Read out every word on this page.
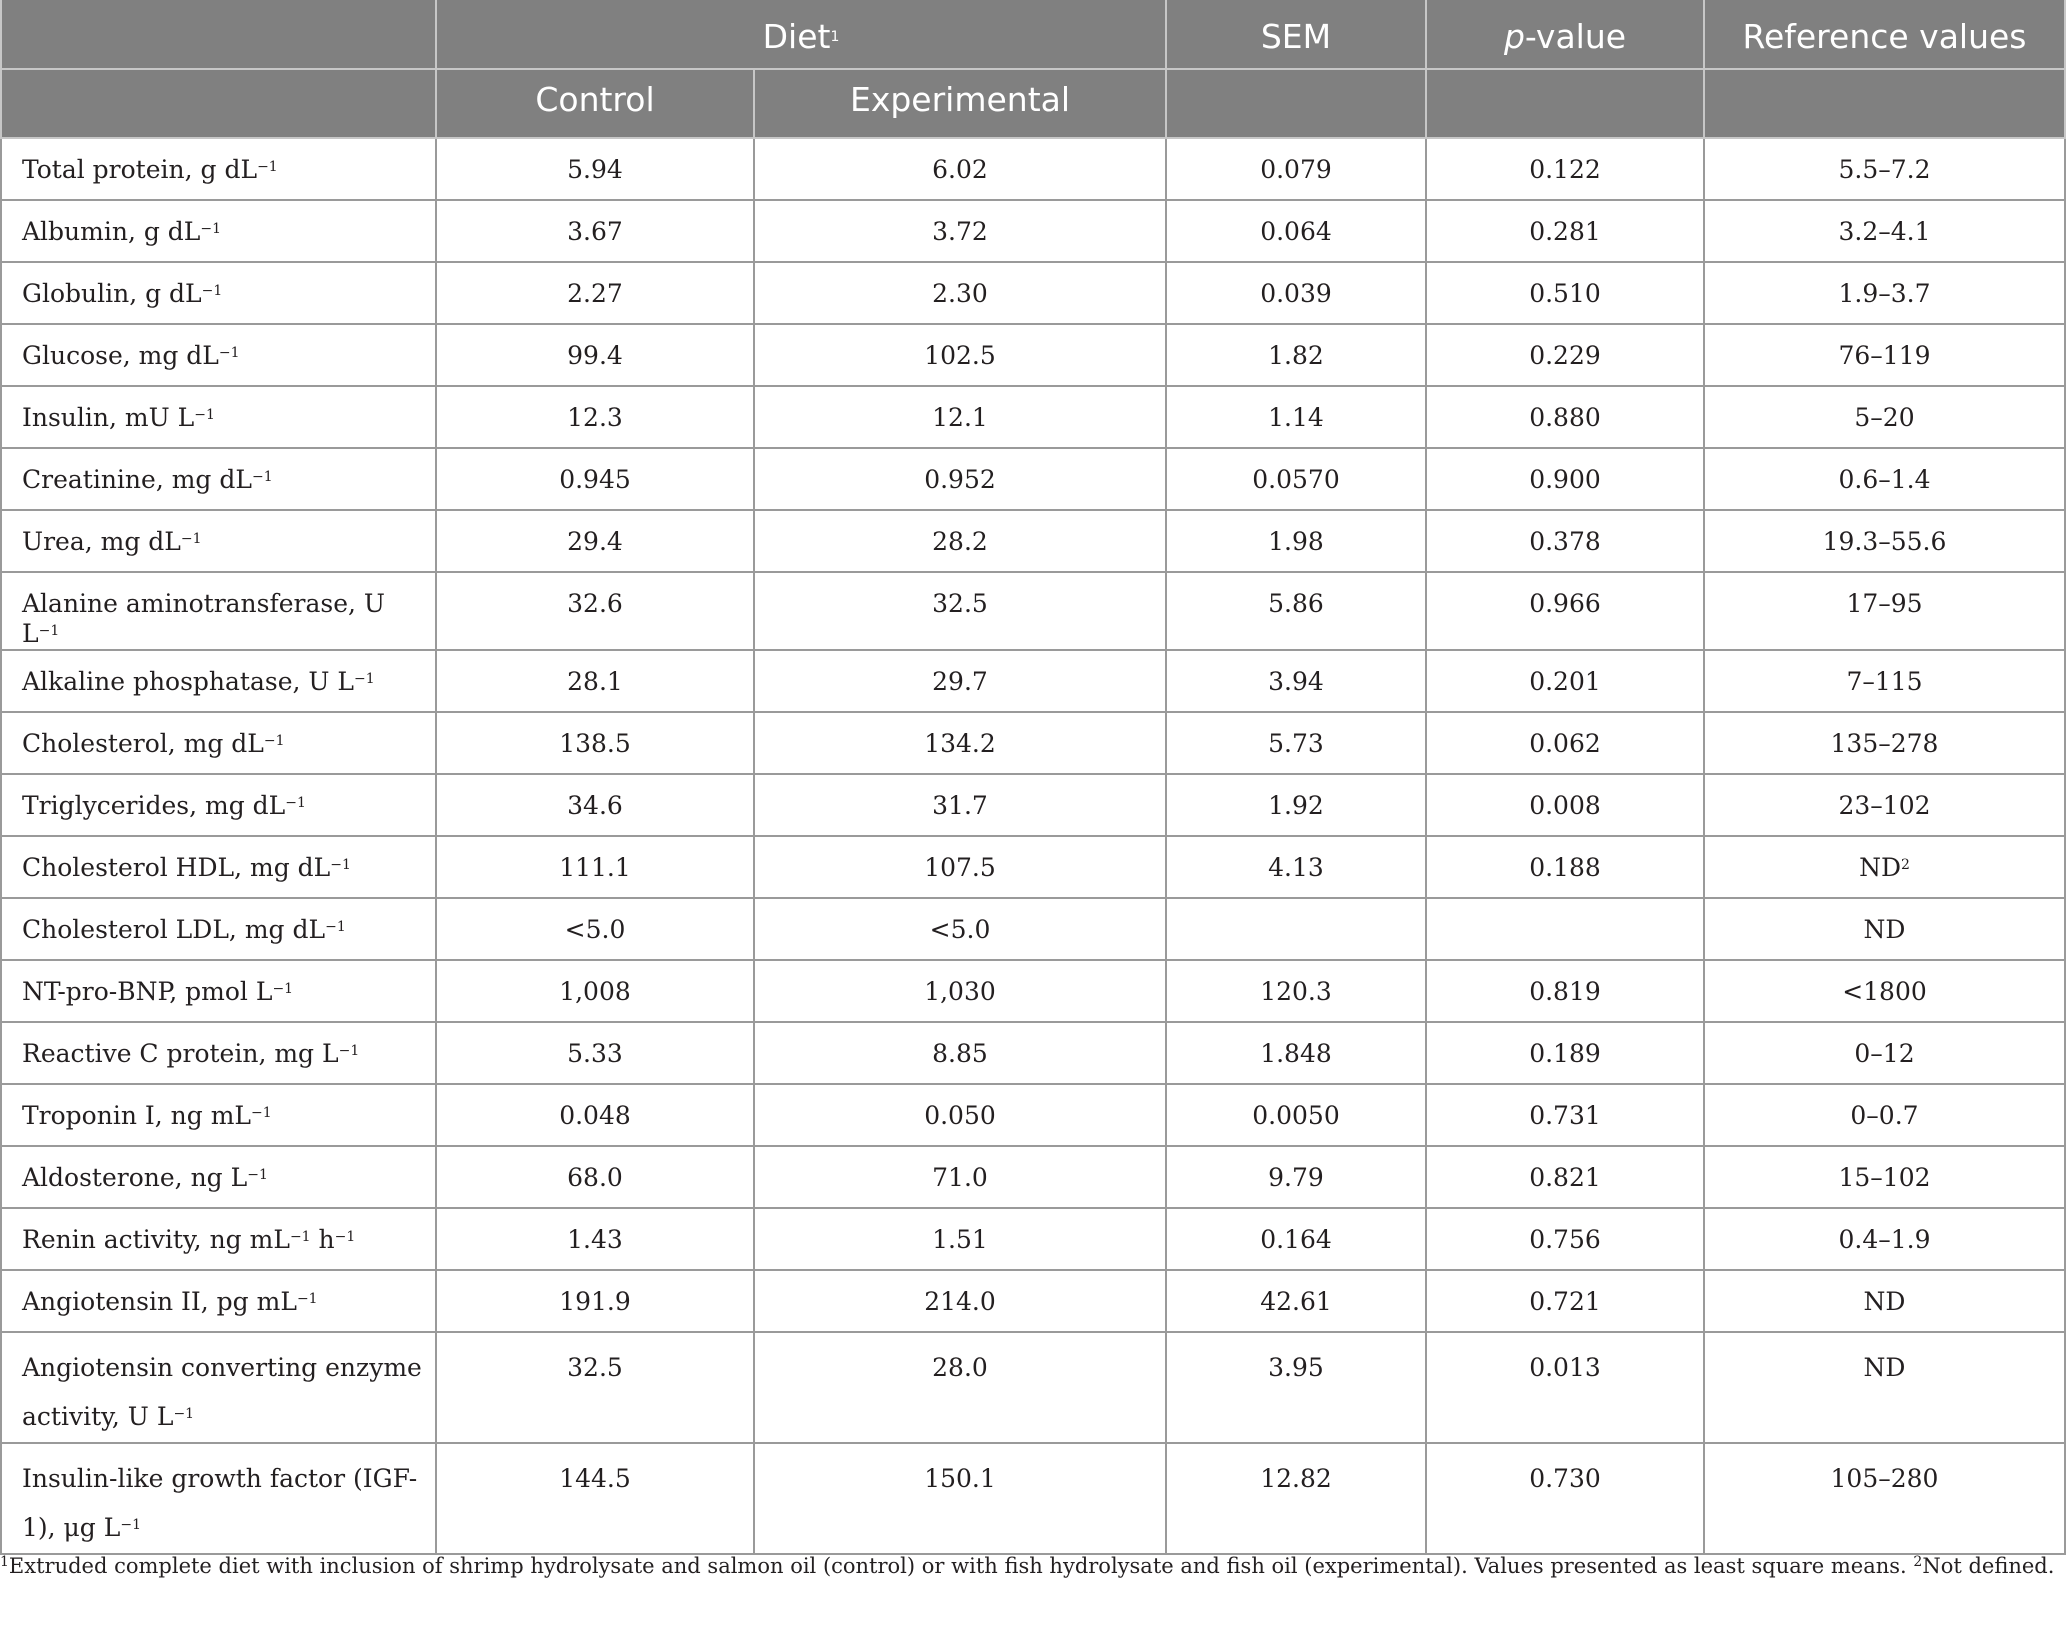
	Diet$^1$		SEM	p-value	Reference values
	Control	Experimental			
Total protein, g dL$^{-1}$	5.94	6.02	0.079	0.122	5.5–7.2
Albumin, g dL$^{-1}$	3.67	3.72	0.064	0.281	3.2–4.1
Globulin, g dL$^{-1}$	2.27	2.30	0.039	0.510	1.9–3.7
Glucose, mg dL$^{-1}$	99.4	102.5	1.82	0.229	76–119
Insulin, mU L$^{-1}$	12.3	12.1	1.14	0.880	5–20
Creatinine, mg dL$^{-1}$	0.945	0.952	0.0570	0.900	0.6–1.4
Urea, mg dL$^{-1}$	29.4	28.2	1.98	0.378	19.3–55.6
Alanine aminotransferase, U L$^{-1}$	32.6	32.5	5.86	0.966	17–95
Alkaline phosphatase, U L$^{-1}$	28.1	29.7	3.94	0.201	7–115
Cholesterol, mg dL$^{-1}$	138.5	134.2	5.73	0.062	135–278
Triglycerides, mg dL$^{-1}$	34.6	31.7	1.92	0.008	23–102
Cholesterol HDL, mg dL$^{-1}$	111.1	107.5	4.13	0.188	ND$^2$
Cholesterol LDL, mg dL$^{-1}$	<5.0	<5.0			ND
NT-pro-BNP, pmol L$^{-1}$	1,008	1,030	120.3	0.819	<1800
Reactive C protein, mg L$^{-1}$	5.33	8.85	1.848	0.189	0–12
Troponin I, ng mL$^{-1}$	0.048	0.050	0.0050	0.731	0–0.7
Aldosterone, ng L$^{-1}$	68.0	71.0	9.79	0.821	15–102
Renin activity, ng mL$^{-1}$ h$^{-1}$	1.43	1.51	0.164	0.756	0.4–1.9
Angiotensin II, pg mL$^{-1}$	191.9	214.0	42.61	0.721	ND
Angiotensin converting enzyme activity, U L$^{-1}$	32.5	28.0	3.95	0.013	ND
Insulin-like growth factor (IGF-1), μg L$^{-1}$	144.5	150.1	12.82	0.730	105–280
$^1$Extruded complete diet with inclusion of shrimp hydrolysate and salmon oil (control) or with fish hydrolysate and fish oil (experimental). Values presented as least square means. $^2$Not defined.
